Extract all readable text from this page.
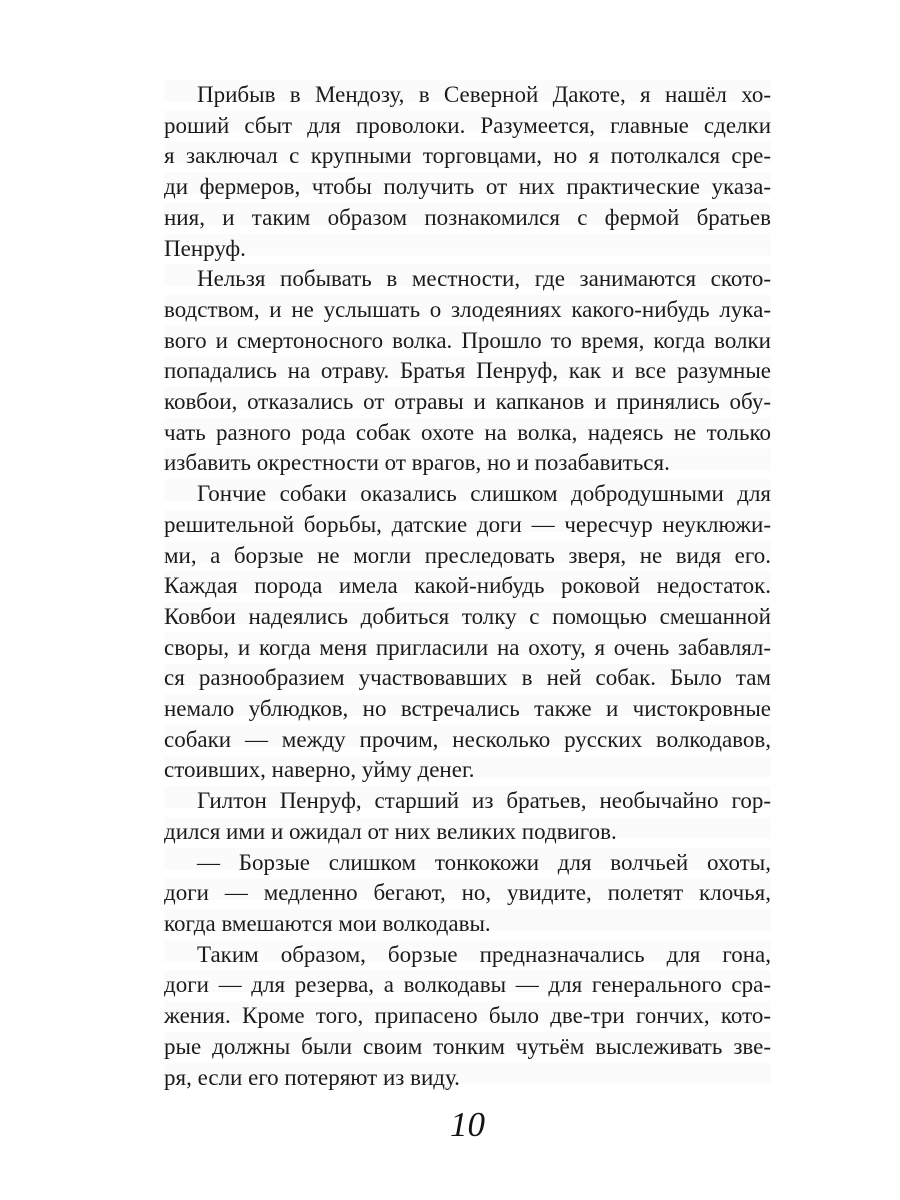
Прибыв в Мендозу, в Северной Дакоте, я нашёл хо-
роший сбыт для проволоки. Разумеется, главные сделки
я заключал с крупными торговцами, но я потолкался сре-
ди фермеров, чтобы получить от них практические указа-
ния, и таким образом познакомился с фермой братьев
Пенруф.
Нельзя побывать в местности, где занимаются ското-
водством, и не услышать о злодеяниях какого-нибудь лука-
вого и смертоносного волка. Прошло то время, когда волки
попадались на отраву. Братья Пенруф, как и все разумные
ковбои, отказались от отравы и капканов и принялись обу-
чать разного рода собак охоте на волка, надеясь не только
избавить окрестности от врагов, но и позабавиться.
Гончие собаки оказались слишком добродушными для
решительной борьбы, датские доги — чересчур неуклюжи-
ми, а борзые не могли преследовать зверя, не видя его.
Каждая порода имела какой-нибудь роковой недостаток.
Ковбои надеялись добиться толку с помощью смешанной
своры, и когда меня пригласили на охоту, я очень забавлял-
ся разнообразием участвовавших в ней собак. Было там
немало ублюдков, но встречались также и чистокровные
собаки — между прочим, несколько русских волкодавов,
стоивших, наверно, уйму денег.
Гилтон Пенруф, старший из братьев, необычайно гор-
дился ими и ожидал от них великих подвигов.
— Борзые слишком тонкокожи для волчьей охоты,
доги — медленно бегают, но, увидите, полетят клочья,
когда вмешаются мои волкодавы.
Таким образом, борзые предназначались для гона,
доги — для резерва, а волкодавы — для генерального сра-
жения. Кроме того, припасено было две-три гончих, кото-
рые должны были своим тонким чутьём выслеживать зве-
ря, если его потеряют из виду.
10
